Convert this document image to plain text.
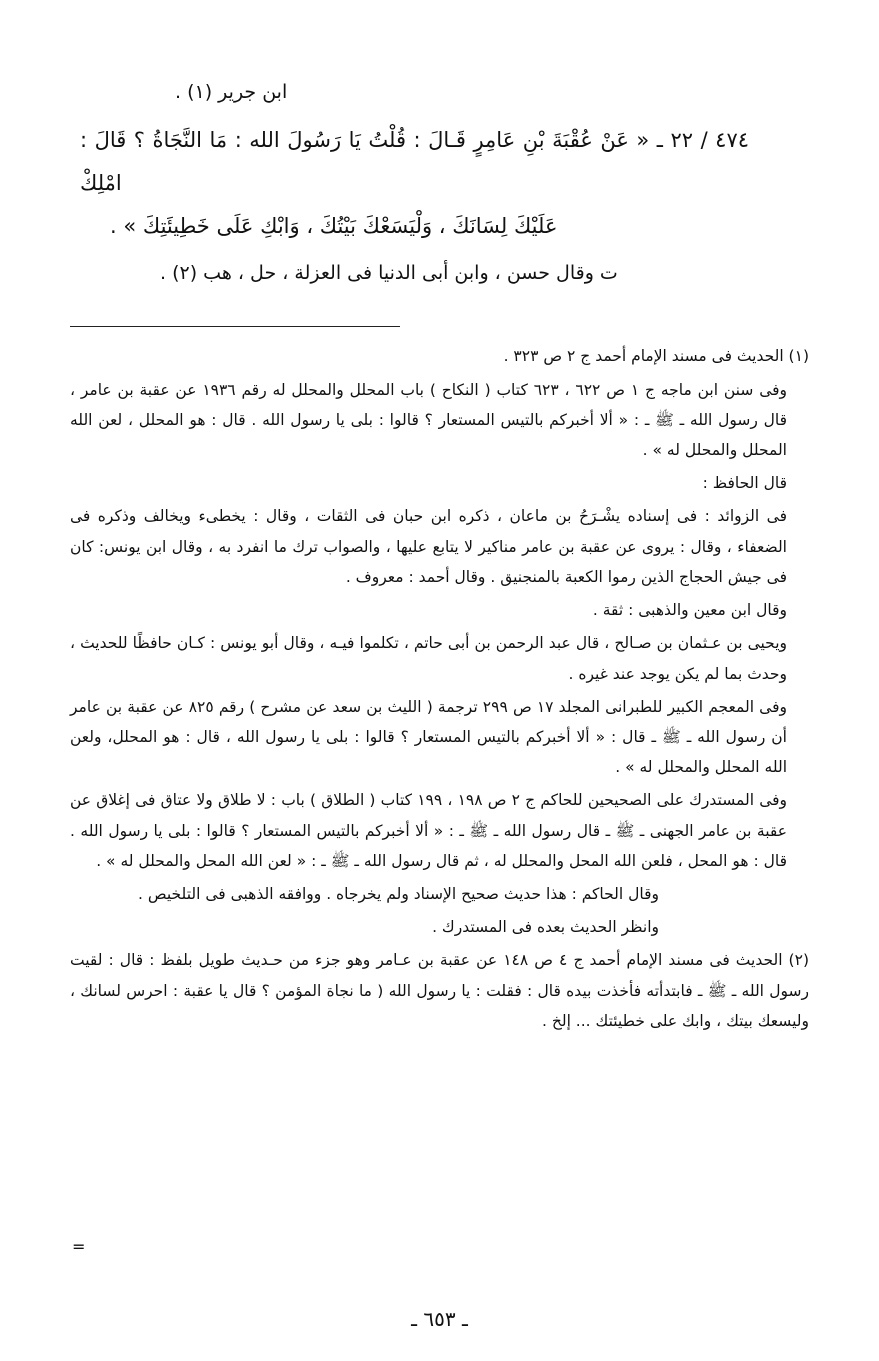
ابن جرير (١) .
٤٧٤ / ٢٢ ـ « عَنْ عُقْبَةَ بْنِ عَامِرٍ قَـالَ : قُلْتُ يَا رَسُولَ الله : مَا النَّجَاةُ ؟ قَالَ : امْلِكْ
عَلَيْكَ لِسَانَكَ ، وَلْيَسَعْكَ بَيْتُكَ ، وَابْكِ عَلَى خَطِيئَتِكَ » .
ت وقال حسن ، وابن أبى الدنيا فى العزلة ، حل ، هب (٢) .

(١) الحديث فى مسند الإمام أحمد ج ٢ ص ٣٢٣ .

وفى سنن ابن ماجه ج ١ ص ٦٢٢ ، ٦٢٣ كتاب ( النكاح ) باب المحلل والمحلل له رقم ١٩٣٦ عن عقبة بن عامر ، قال رسول الله ـ ﷺ ـ : « ألا أخبركم بالتيس المستعار ؟ قالوا : بلى يا رسول الله . قال : هو المحلل ، لعن الله المحلل والمحلل له » .

قال الحافظ :

فى الزوائد : فى إسناده يشْـرَحُ بن ماعان ، ذكره ابن حبان فى الثقات ، وقال : يخطىء ويخالف وذكره فى الضعفاء ، وقال : يروى عن عقبة بن عامر مناكير لا يتابع عليها ، والصواب ترك ما انفرد به ، وقال ابن يونس: كان فى جيش الحجاج الذين رموا الكعبة بالمنجنيق . وقال أحمد : معروف .

وقال ابن معين والذهبى : ثقة .

ويحيى بن عـثمان بن صـالح ، قال عبد الرحمن بن أبى حاتم ، تكلموا فيـه ، وقال أبو يونس : كـان حافظًا للحديث ، وحدث بما لم يكن يوجد عند غيره .

وفى المعجم الكبير للطبرانى المجلد ١٧ ص ٢٩٩ ترجمة ( الليث بن سعد عن مشرح ) رقم ٨٢٥ عن عقبة بن عامر أن رسول الله ـ ﷺ ـ قال : « ألا أخبركم بالتيس المستعار ؟ قالوا : بلى يا رسول الله ، قال : هو المحلل، ولعن الله المحلل والمحلل له » .

وفى المستدرك على الصحيحين للحاكم ج ٢ ص ١٩٨ ، ١٩٩ كتاب ( الطلاق ) باب : لا طلاق ولا عتاق فى إغلاق عن عقبة بن عامر الجهنى ـ ﷺ ـ قال رسول الله ـ ﷺ ـ : « ألا أخبركم بالتيس المستعار ؟ قالوا : بلى يا رسول الله . قال : هو المحل ، فلعن الله المحل والمحلل له ، ثم قال رسول الله ـ ﷺ ـ : « لعن الله المحل والمحلل له » .

وقال الحاكم : هذا حديث صحيح الإسناد ولم يخرجاه . ووافقه الذهبى فى التلخيص .

وانظر الحديث بعده فى المستدرك .

(٢) الحديث فى مسند الإمام أحمد ج ٤ ص ١٤٨ عن عقبة بن عـامر وهو جزء من حـديث طويل بلفظ : قال : لقيت رسول الله ـ ﷺ ـ فابتدأته فأخذت بيده قال : فقلت : يا رسول الله ( ما نجاة المؤمن ؟ قال يا عقبة : احرس لسانك ، وليسعك بيتك ، وابك على خطيئتك ... إلخ .

=
ـ ٦٥٣ ـ
